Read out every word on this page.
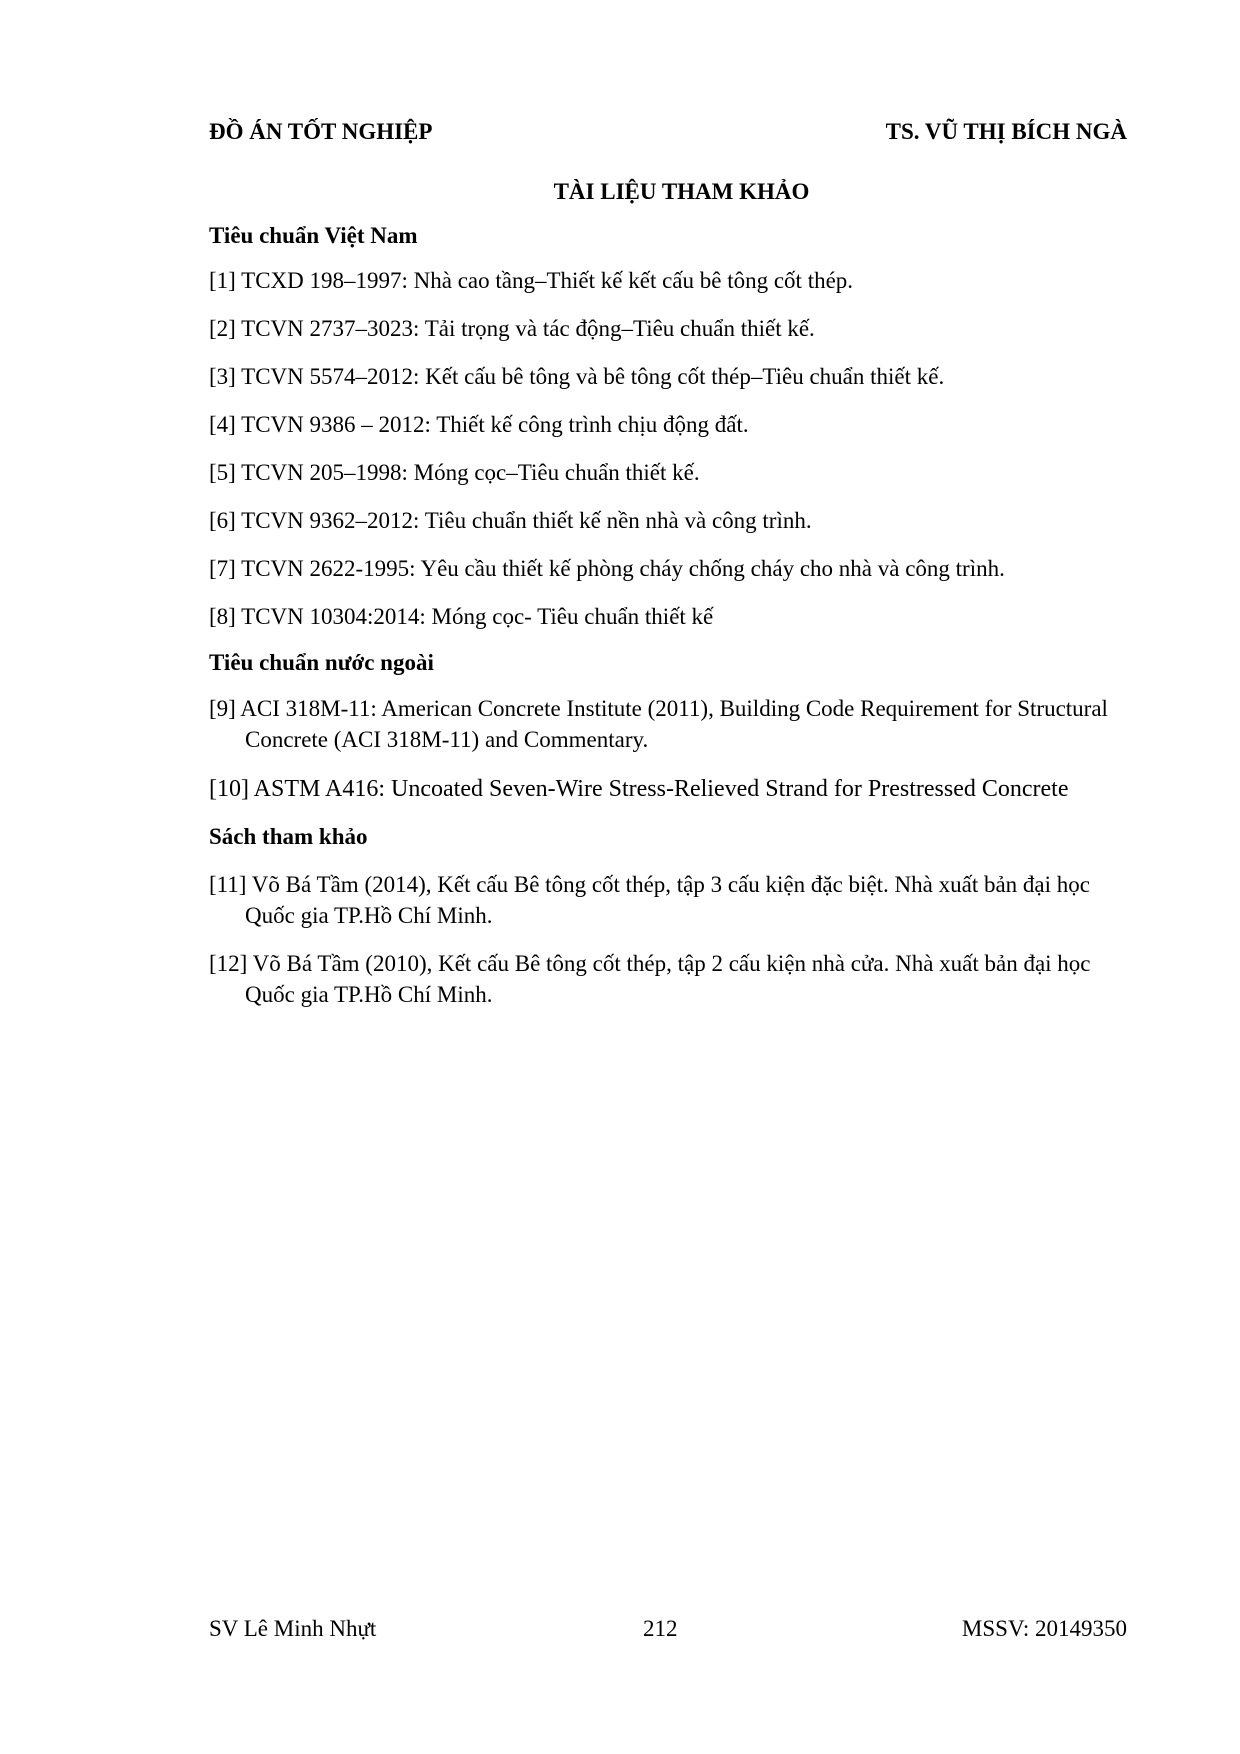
ĐỒ ÁN TỐT NGHIỆP	TS. VŨ THỊ BÍCH NGÀ
TÀI LIỆU THAM KHẢO
Tiêu chuẩn Việt Nam

[1] TCXD 198–1997: Nhà cao tầng–Thiết kế kết cấu bê tông cốt thép.

[2] TCVN 2737–3023: Tải trọng và tác động–Tiêu chuẩn thiết kế.

[3] TCVN 5574–2012: Kết cấu bê tông và bê tông cốt thép–Tiêu chuẩn thiết kế.

[4] TCVN 9386 – 2012: Thiết kế công trình chịu động đất.

[5] TCVN 205–1998: Móng cọc–Tiêu chuẩn thiết kế.

[6] TCVN 9362–2012: Tiêu chuẩn thiết kế nền nhà và công trình.

[7] TCVN 2622-1995: Yêu cầu thiết kế phòng cháy chống cháy cho nhà và công trình.

[8] TCVN 10304:2014: Móng cọc- Tiêu chuẩn thiết kế

Tiêu chuẩn nước ngoài

[9] ACI 318M-11: American Concrete Institute (2011), Building Code Requirement for Structural Concrete (ACI 318M-11) and Commentary.

[10] ASTM A416: Uncoated Seven-Wire Stress-Relieved Strand for Prestressed Concrete

Sách tham khảo

[11] Võ Bá Tầm (2014), Kết cấu Bê tông cốt thép, tập 3 cấu kiện đặc biệt. Nhà xuất bản đại học Quốc gia TP.Hồ Chí Minh.

[12] Võ Bá Tầm (2010), Kết cấu Bê tông cốt thép, tập 2 cấu kiện nhà cửa. Nhà xuất bản đại học Quốc gia TP.Hồ Chí Minh.

SV Lê Minh Nhựt	212	MSSV: 20149350
